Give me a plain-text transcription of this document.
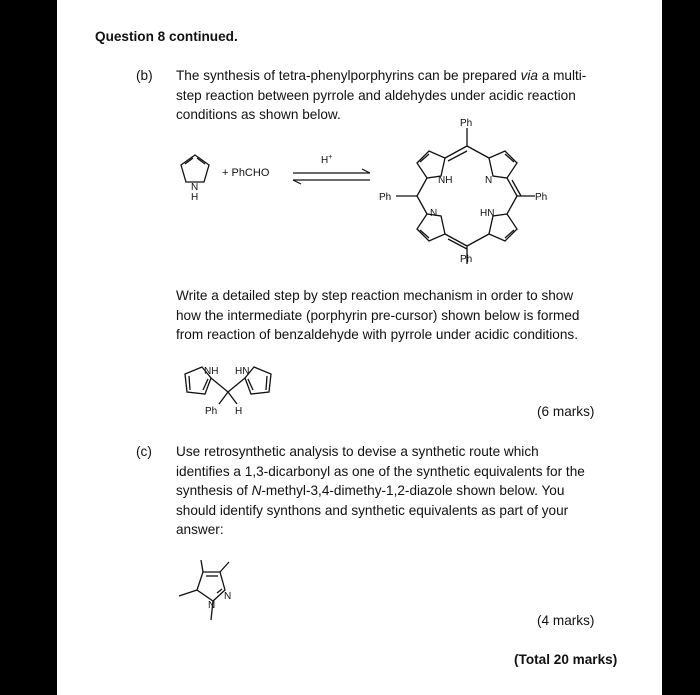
Question 8 continued.
(b) The synthesis of tetra-phenylporphyrins can be prepared via a multi-
step reaction between pyrrole and aldehydes under acidic reaction
conditions as shown below.
N
H
+ PhCHO
H+
Ph
Ph	Ph
Ph
NH	N
N	HN
Write a detailed step by step reaction mechanism in order to show
how the intermediate (porphyrin pre-cursor) shown below is formed
from reaction of benzaldehyde with pyrrole under acidic conditions.
NH HN
Ph H	(6 marks)
(c) Use retrosynthetic analysis to devise a synthetic route which
identifies a 1,3-dicarbonyl as one of the synthetic equivalents for the
synthesis of N-methyl-3,4-dimethy-1,2-diazole shown below. You
should identify synthons and synthetic equivalents as part of your
answer:
N
N
(4 marks)
(Total 20 marks)
